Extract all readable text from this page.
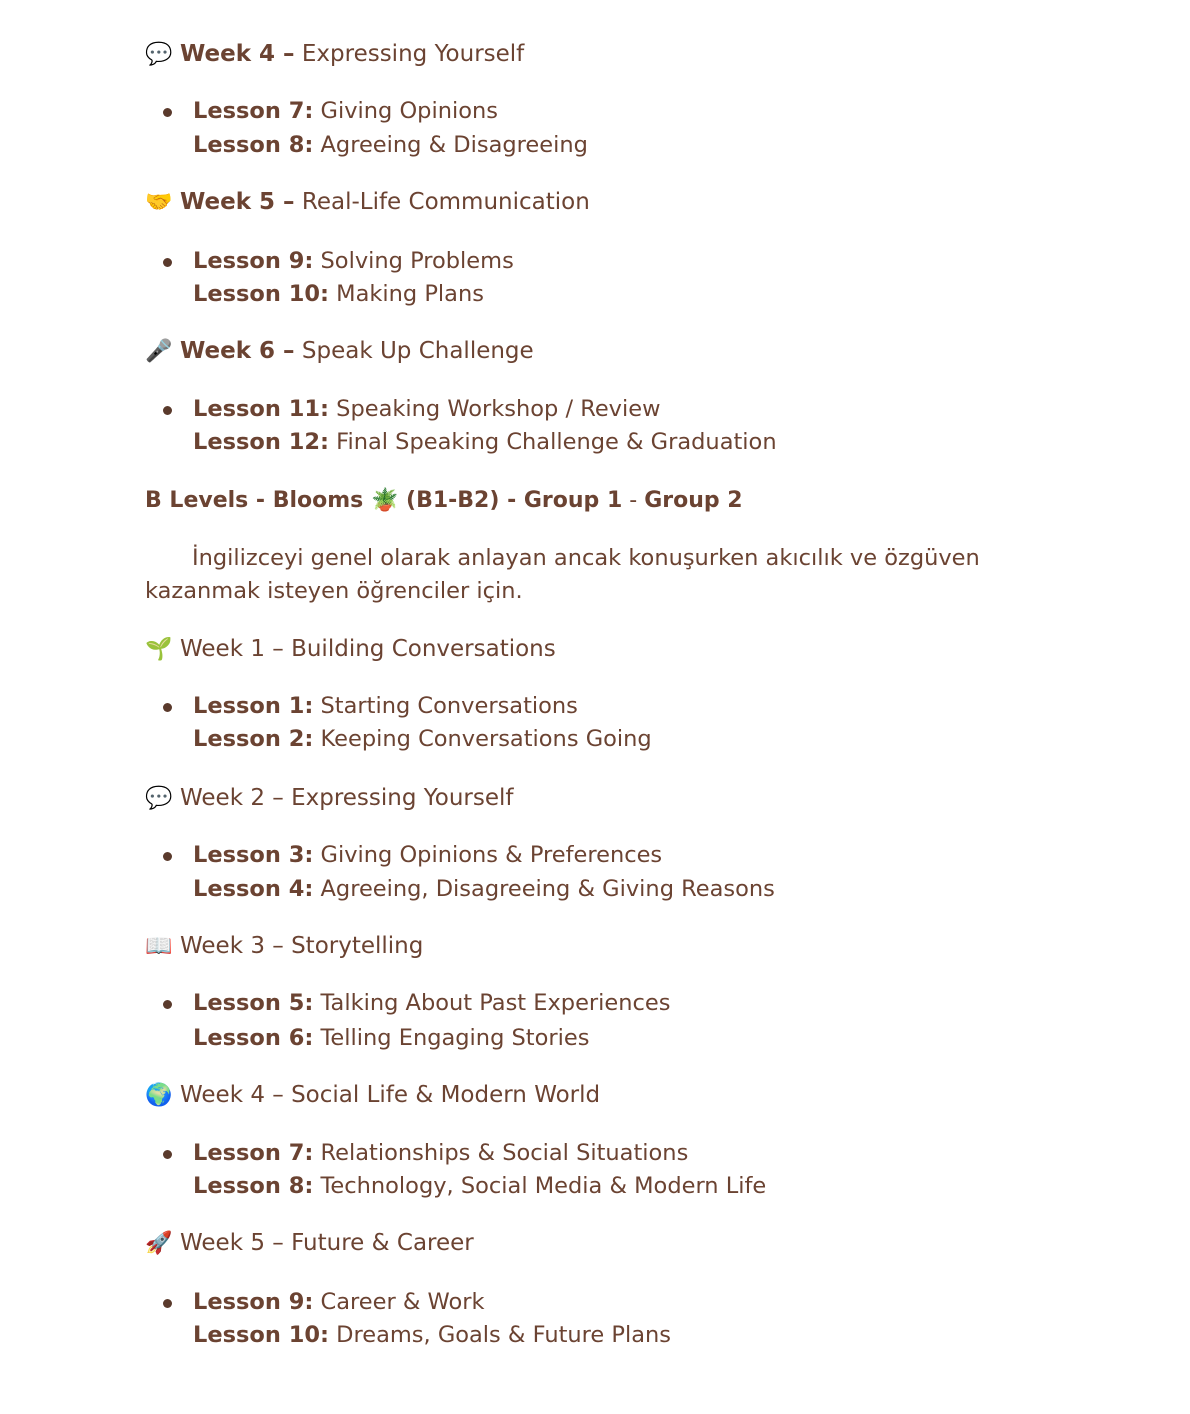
💬 Week 4 – Expressing Yourself
Lesson 7: Giving Opinions
Lesson 8: Agreeing & Disagreeing
🤝 Week 5 – Real-Life Communication
Lesson 9: Solving Problems
Lesson 10: Making Plans
🎤 Week 6 – Speak Up Challenge
Lesson 11: Speaking Workshop / Review
Lesson 12: Final Speaking Challenge & Graduation
B Levels - Blooms 🪴 (B1-B2) - Group 1 - Group 2
İngilizceyi genel olarak anlayan ancak konuşurken akıcılık ve özgüven kazanmak isteyen öğrenciler için.
🌱 Week 1 – Building Conversations
Lesson 1: Starting Conversations
Lesson 2: Keeping Conversations Going
💬 Week 2 – Expressing Yourself
Lesson 3: Giving Opinions & Preferences
Lesson 4: Agreeing, Disagreeing & Giving Reasons
📖 Week 3 – Storytelling
Lesson 5: Talking About Past Experiences
Lesson 6: Telling Engaging Stories
🌍 Week 4 – Social Life & Modern World
Lesson 7: Relationships & Social Situations
Lesson 8: Technology, Social Media & Modern Life
🚀 Week 5 – Future & Career
Lesson 9: Career & Work
Lesson 10: Dreams, Goals & Future Plans
